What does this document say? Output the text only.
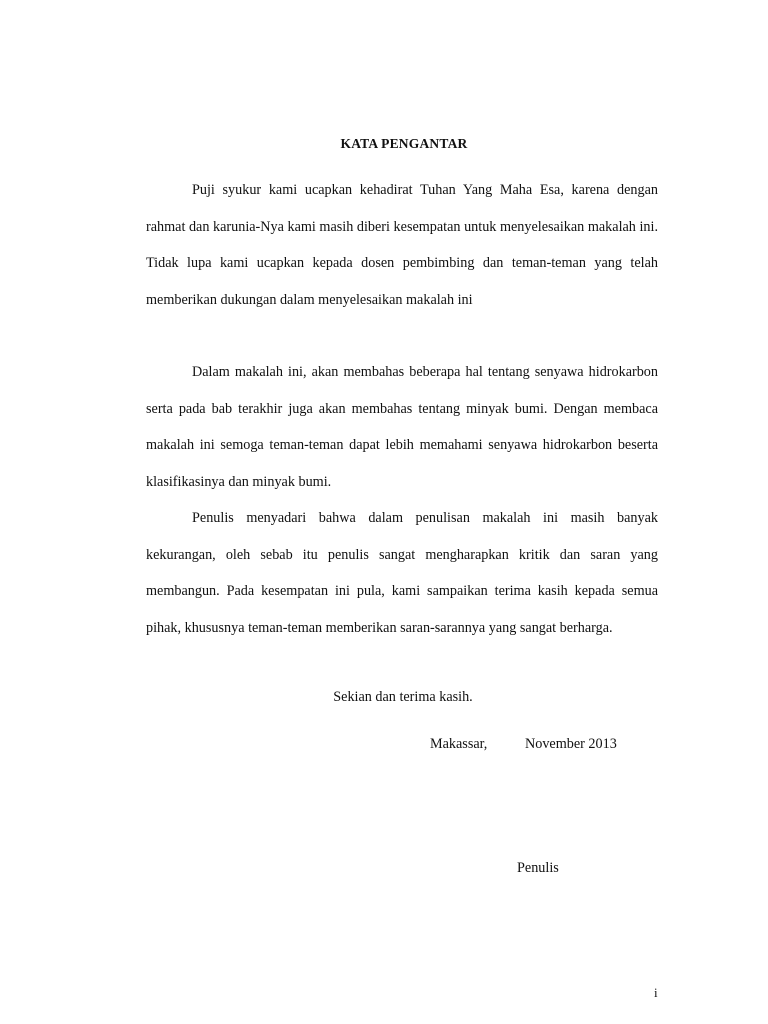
KATA PENGANTAR

Puji syukur kami ucapkan kehadirat Tuhan Yang Maha Esa, karena dengan rahmat dan karunia-Nya kami masih diberi kesempatan untuk menyelesaikan makalah ini. Tidak lupa kami ucapkan kepada dosen pembimbing dan teman-teman yang telah memberikan dukungan dalam menyelesaikan makalah ini

Dalam makalah ini, akan membahas beberapa hal tentang senyawa hidrokarbon serta pada bab terakhir juga akan membahas tentang minyak bumi. Dengan membaca makalah ini semoga teman-teman dapat lebih memahami senyawa hidrokarbon beserta klasifikasinya dan minyak bumi.

Penulis menyadari bahwa dalam penulisan makalah ini masih banyak kekurangan, oleh sebab itu penulis sangat mengharapkan kritik dan saran yang membangun. Pada kesempatan ini pula, kami sampaikan terima kasih kepada semua pihak, khususnya teman-teman memberikan saran-sarannya yang sangat berharga.

Sekian dan terima kasih.

Makassar,	November 2013
Penulis
i
